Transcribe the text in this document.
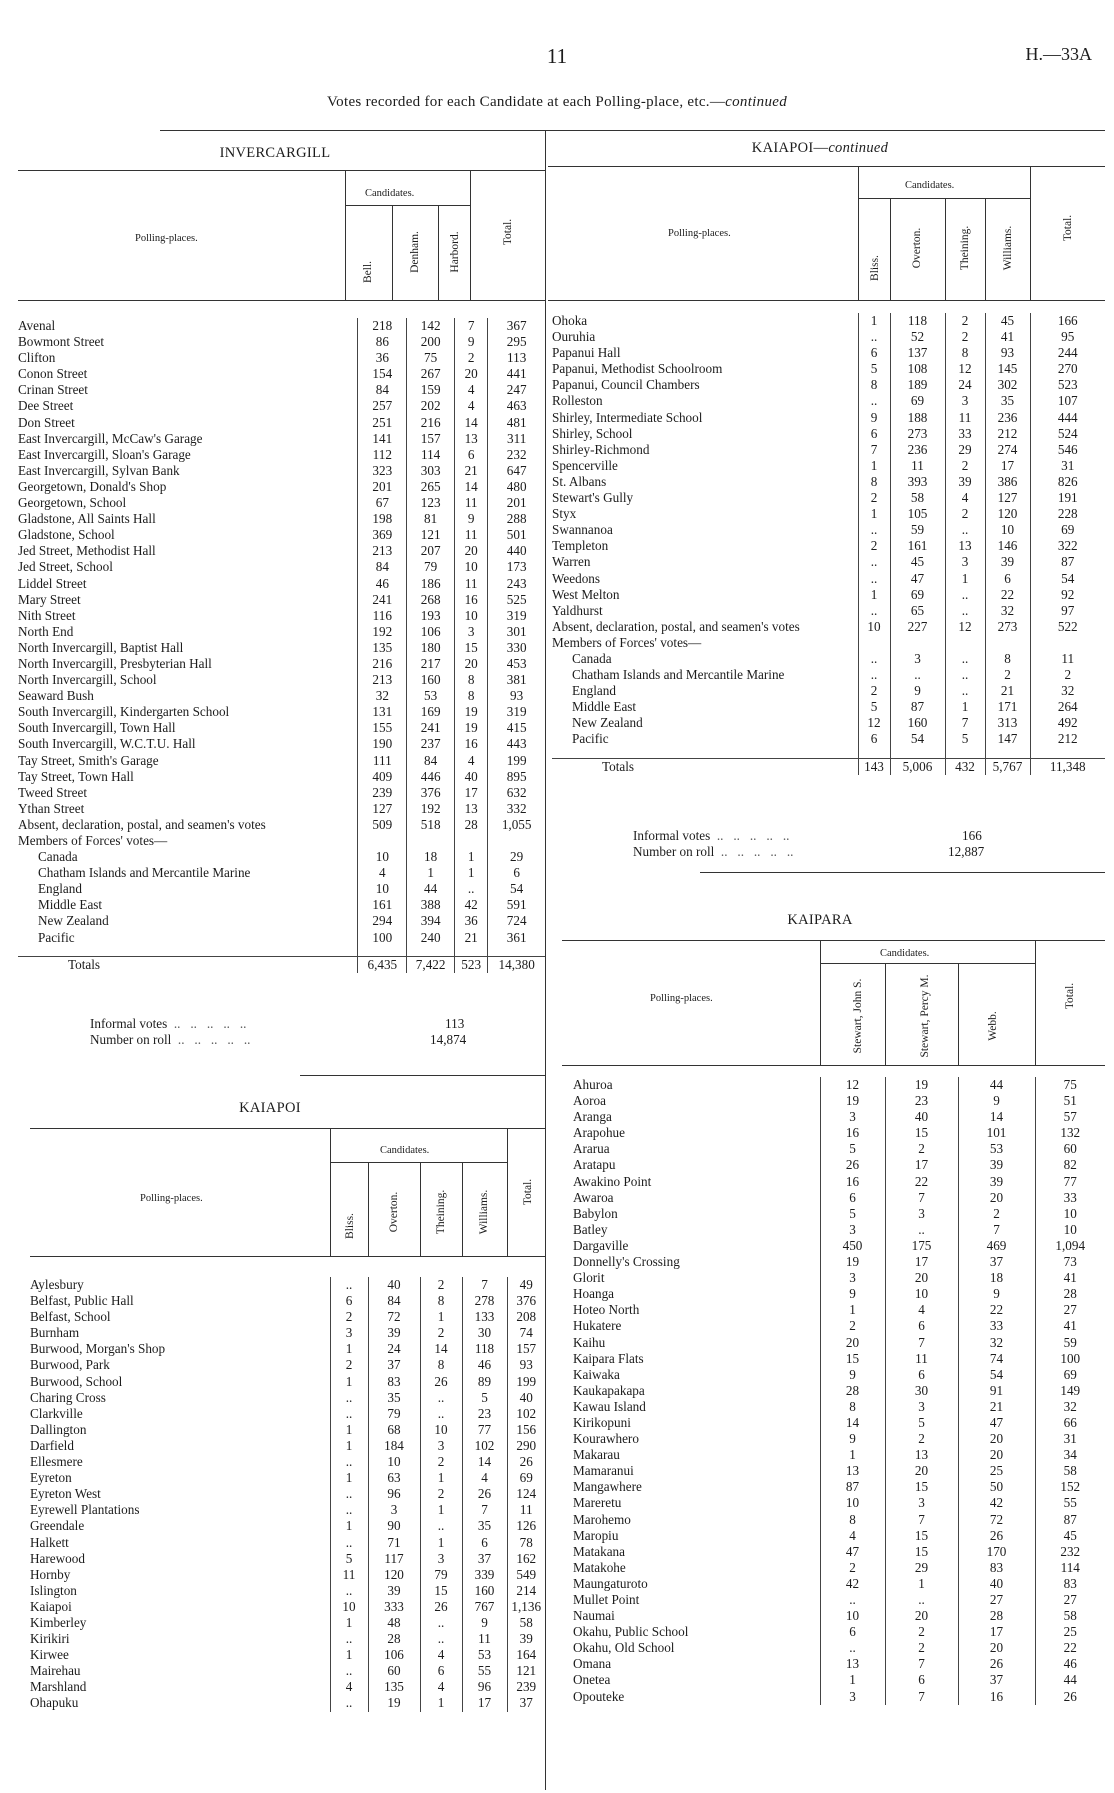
11	H.—33A
Votes recorded for each Candidate at each Polling-place, etc.—continued
INVERCARGILL
Candidates.
Polling-places.
Bell.	Denham. Harbord.	Total.
Avenal	218	142	7	367
Bowmont Street	86	200	9	295
Clifton	36	75	2	113
Conon Street	154	267	20	441
Crinan Street	84	159	4	247
Dee Street	257	202	4	463
Don Street	251	216	14	481
East Invercargill, McCaw's Garage	141	157	13	311
East Invercargill, Sloan's Garage	112	114	6	232
East Invercargill, Sylvan Bank	323	303	21	647
Georgetown, Donald's Shop	201	265	14	480
Georgetown, School	67	123	11	201
Gladstone, All Saints Hall	198	81	9	288
Gladstone, School	369	121	11	501
Jed Street, Methodist Hall	213	207	20	440
Jed Street, School	84	79	10	173
Liddel Street	46	186	11	243
Mary Street	241	268	16	525
Nith Street	116	193	10	319
North End	192	106	3	301
North Invercargill, Baptist Hall	135	180	15	330
North Invercargill, Presbyterian Hall	216	217	20	453
North Invercargill, School	213	160	8	381
Seaward Bush	32	53	8	93
South Invercargill, Kindergarten School	131	169	19	319
South Invercargill, Town Hall	155	241	19	415
South Invercargill, W.C.T.U. Hall	190	237	16	443
Tay Street, Smith's Garage	111	84	4	199
Tay Street, Town Hall	409	446	40	895
Tweed Street	239	376	17	632
Ythan Street	127	192	13	332
Absent, declaration, postal, and seamen's votes	509	518	28	1,055
Members of Forces' votes—				
Canada	10	18	1	29
Chatham Islands and Mercantile Marine	4	1	1	6
England	10	44	..	54
Middle East	161	388	42	591
New Zealand	294	394	36	724
Pacific	100	240	21	361

Totals	6,435	7,422	523	14,380
Informal votes  ..   ..   ..   ..   ..	113
Number on roll  ..   ..   ..   ..   ..	14,874
KAIAPOI
Candidates.
Polling-places.
Bliss.	Overton.	Theining.	Williams.	Total.
Aylesbury	..	40	2	7	49
Belfast, Public Hall	6	84	8	278	376
Belfast, School	2	72	1	133	208
Burnham	3	39	2	30	74
Burwood, Morgan's Shop	1	24	14	118	157
Burwood, Park	2	37	8	46	93
Burwood, School	1	83	26	89	199
Charing Cross	..	35	..	5	40
Clarkville	..	79	..	23	102
Dallington	1	68	10	77	156
Darfield	1	184	3	102	290
Ellesmere	..	10	2	14	26
Eyreton	1	63	1	4	69
Eyreton West	..	96	2	26	124
Eyrewell Plantations	..	3	1	7	11
Greendale	1	90	..	35	126
Halkett	..	71	1	6	78
Harewood	5	117	3	37	162
Hornby	11	120	79	339	549
Islington	..	39	15	160	214
Kaiapoi	10	333	26	767	1,136
Kimberley	1	48	..	9	58
Kirikiri	..	28	..	11	39
Kirwee	1	106	4	53	164
Mairehau	..	60	6	55	121
Marshland	4	135	4	96	239
Ohapuku	..	19	1	17	37
KAIAPOI—continued
Candidates.
Polling-places.
Bliss.	Overton.	Theining.	Williams.	Total.
Ohoka	1	118	2	45	166
Ouruhia	..	52	2	41	95
Papanui Hall	6	137	8	93	244
Papanui, Methodist Schoolroom	5	108	12	145	270
Papanui, Council Chambers	8	189	24	302	523
Rolleston	..	69	3	35	107
Shirley, Intermediate School	9	188	11	236	444
Shirley, School	6	273	33	212	524
Shirley-Richmond	7	236	29	274	546
Spencerville	1	11	2	17	31
St. Albans	8	393	39	386	826
Stewart's Gully	2	58	4	127	191
Styx	1	105	2	120	228
Swannanoa	..	59	..	10	69
Templeton	2	161	13	146	322
Warren	..	45	3	39	87
Weedons	..	47	1	6	54
West Melton	1	69	..	22	92
Yaldhurst	..	65	..	32	97
Absent, declaration, postal, and seamen's votes	10	227	12	273	522
Members of Forces' votes—					
Canada	..	3	..	8	11
Chatham Islands and Mercantile Marine	..	..	..	2	2
England	2	9	..	21	32
Middle East	5	87	1	171	264
New Zealand	12	160	7	313	492
Pacific	6	54	5	147	212

Totals	143	5,006	432	5,767	11,348
Informal votes  ..   ..   ..   ..   ..	166
Number on roll  ..   ..   ..   ..   ..	12,887
KAIPARA
Candidates.
Polling-places.	Stewart, John S.	Stewart, Percy M.	Webb.
Total.
Ahuroa	12	19	44	75
Aoroa	19	23	9	51
Aranga	3	40	14	57
Arapohue	16	15	101	132
Ararua	5	2	53	60
Aratapu	26	17	39	82
Awakino Point	16	22	39	77
Awaroa	6	7	20	33
Babylon	5	3	2	10
Batley	3	..	7	10
Dargaville	450	175	469	1,094
Donnelly's Crossing	19	17	37	73
Glorit	3	20	18	41
Hoanga	9	10	9	28
Hoteo North	1	4	22	27
Hukatere	2	6	33	41
Kaihu	20	7	32	59
Kaipara Flats	15	11	74	100
Kaiwaka	9	6	54	69
Kaukapakapa	28	30	91	149
Kawau Island	8	3	21	32
Kirikopuni	14	5	47	66
Kourawhero	9	2	20	31
Makarau	1	13	20	34
Mamaranui	13	20	25	58
Mangawhere	87	15	50	152
Mareretu	10	3	42	55
Marohemo	8	7	72	87
Maropiu	4	15	26	45
Matakana	47	15	170	232
Matakohe	2	29	83	114
Maungaturoto	42	1	40	83
Mullet Point	..	..	27	27
Naumai	10	20	28	58
Okahu, Public School	6	2	17	25
Okahu, Old School	..	2	20	22
Omana	13	7	26	46
Onetea	1	6	37	44
Opouteke	3	7	16	26
